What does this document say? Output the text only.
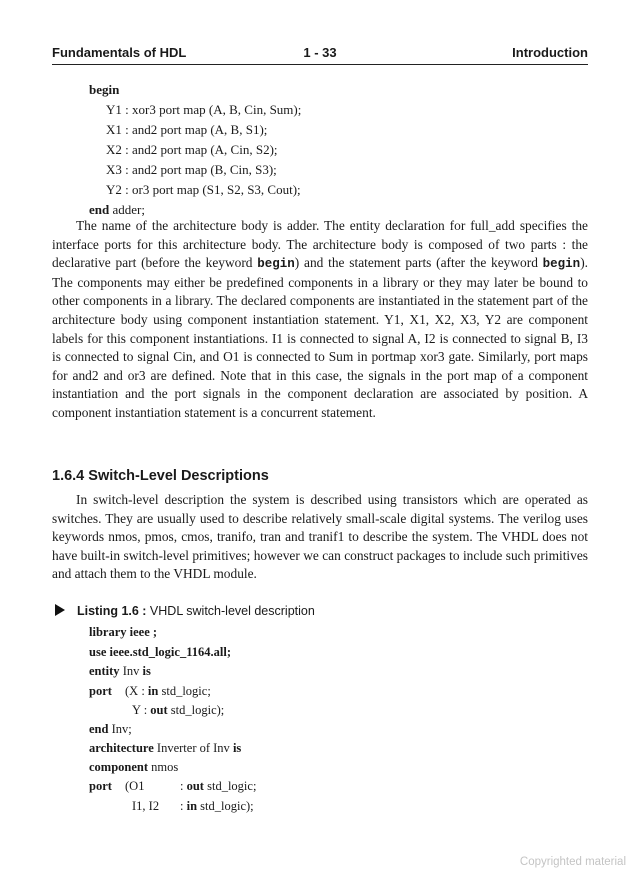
Fundamentals of HDL	1 - 33	Introduction
begin
Y1 : xor3 port map (A, B, Cin, Sum);
X1 : and2 port map (A, B, S1);
X2 : and2 port map (A, Cin, S2);
X3 : and2 port map (B, Cin, S3);
Y2 : or3 port map (S1, S2, S3, Cout);
end adder;
The name of the architecture body is adder. The entity declaration for full_add specifies the interface ports for this architecture body. The architecture body is composed of two parts : the declarative part (before the keyword begin) and the statement parts (after the keyword begin). The components may either be predefined components in a library or they may later be bound to other components in a library. The declared components are instantiated in the statement part of the architecture body using component instantiation statement. Y1, X1, X2, X3, Y2 are component labels for this component instantiations. I1 is connected to signal A, I2 is connected to signal B, I3 is connected to signal Cin, and O1 is connected to Sum in portmap xor3 gate. Similarly, port maps for and2 and or3 are defined. Note that in this case, the signals in the port map of a component instantiation and the port signals in the component declaration are associated by position. A component instantiation statement is a concurrent statement.
1.6.4 Switch-Level Descriptions
In switch-level description the system is described using transistors which are operated as switches. They are usually used to describe relatively small-scale digital systems. The verilog uses keywords nmos, pmos, cmos, tranifo, tran and tranif1 to describe the system. The VHDL does not have built-in switch-level primitives; however we can construct packages to include such primitives and attach them to the VHDL module.
Listing 1.6 : VHDL switch-level description
library ieee ;
use ieee.std_logic_1164.all;
entity Inv is
port (X : in std_logic;
Y : out std_logic);
end Inv;
architecture Inverter of Inv is
component nmos
port (O1	: out std_logic;
I1, I2 : in std_logic);
Copyrighted material
